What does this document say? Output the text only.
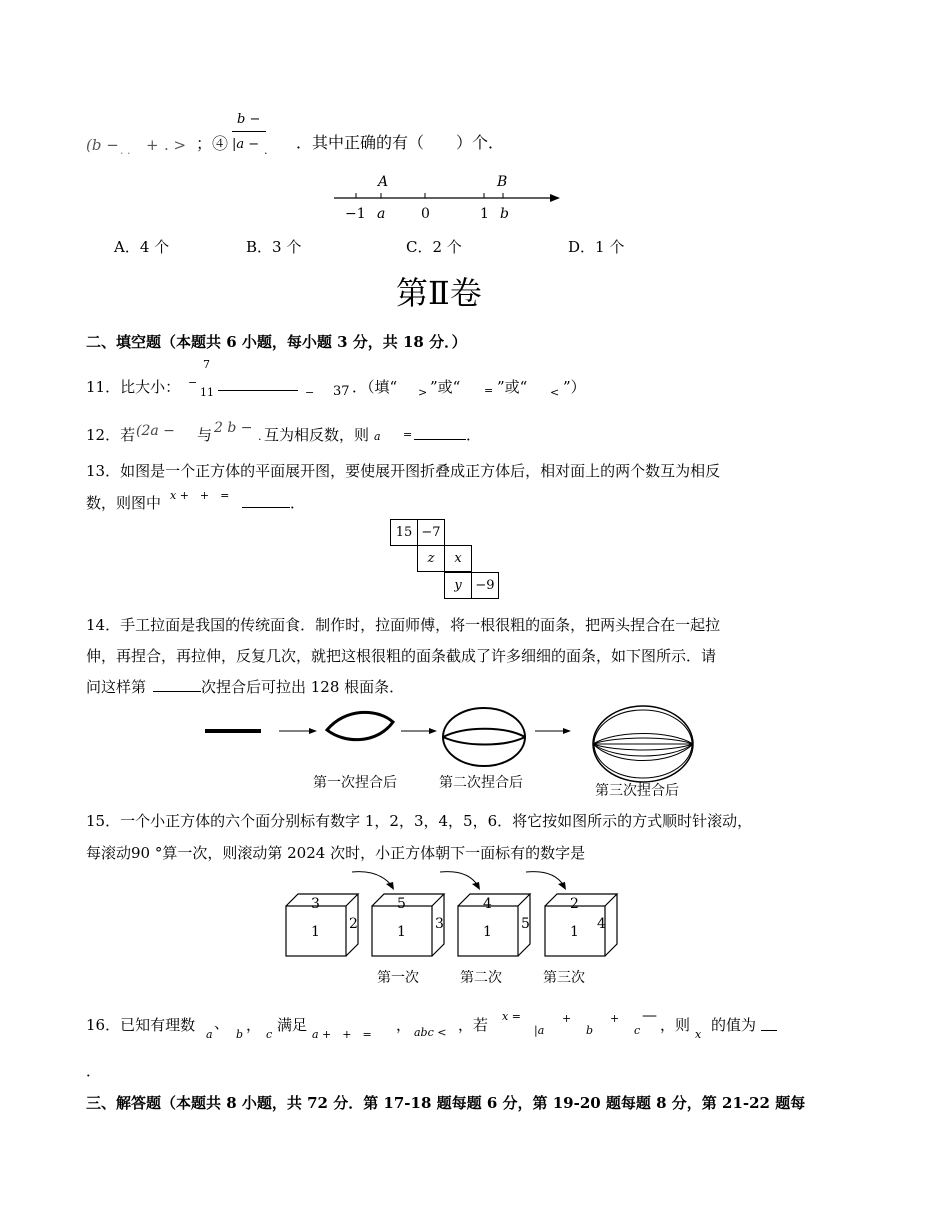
(b − . . + . > ；④
b −
|a − . ．其中正确的有（　　）个．
A	B
−1 a	0	1 b
A．4 个	B．3 个	C．2 个	D．1 个
第Ⅱ卷
二、填空题（本题共 6 小题，每小题 3 分，共 18 分．）
11．比大小： −
7
11	− 37 ．（填“ > ”或“ = ”或“ < ”）
12．若 (2a − 与 2 b −
. 互为相反数，则 a =	．
13．如图是一个正方体的平面展开图，要使展开图折叠成正方体后，相对面上的两个数互为相反
数，则图中 x +　+　=	．
15 −7
z	x
y	−9
14．手工拉面是我国的传统面食．制作时，拉面师傅，将一根很粗的面条，把两头捏合在一起拉
伸，再捏合，再拉伸，反复几次，就把这根很粗的面条截成了许多细细的面条，如下图所示．请
问这样第	次捏合后可拉出 128 根面条．
第一次捏合后	第二次捏合后	第三次捏合后
15．一个小正方体的六个面分别标有数字 1，2，3，4，5，6．将它按如图所示的方式顺时针滚动，
每滚动90 °算一次，则滚动第 2024 次时，小正方体朝下一面标有的数字是
3
1 2
5
1 3
4
1 5
2
1 4
第一次	第二次	第三次
16．已知有理数
a
、
b
，
c
满足
a +　+　=
， abc < ，若 x =
|a
+
b
+
c
—
，则
x
的值为
．
三、解答题（本题共 8 小题，共 72 分．第 17-18 题每题 6 分，第 19-20 题每题 8 分，第 21-22 题每
